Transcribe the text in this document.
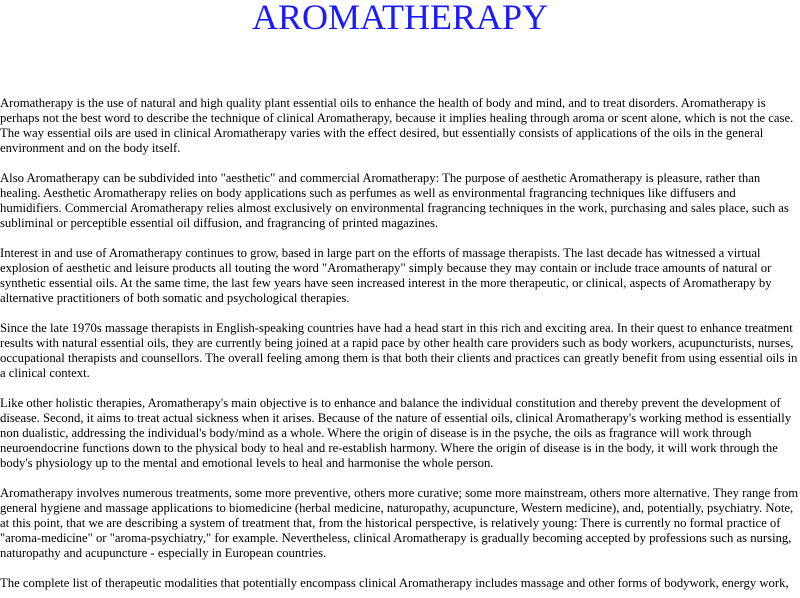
AROMATHERAPY

Aromatherapy is the use of natural and high quality plant essential oils to enhance the health of body and mind, and to treat disorders. Aromatherapy is perhaps not the best word to describe the technique of clinical Aromatherapy, because it implies healing through aroma or scent alone, which is not the case. The way essential oils are used in clinical Aromatherapy varies with the effect desired, but essentially consists of applications of the oils in the general environment and on the body itself.

Also Aromatherapy can be subdivided into "aesthetic" and commercial Aromatherapy: The purpose of aesthetic Aromatherapy is pleasure, rather than healing. Aesthetic Aromatherapy relies on body applications such as perfumes as well as environmental fragrancing techniques like diffusers and humidifiers. Commercial Aromatherapy relies almost exclusively on environmental fragrancing techniques in the work, purchasing and sales place, such as subliminal or perceptible essential oil diffusion, and fragrancing of printed magazines.

Interest in and use of Aromatherapy continues to grow, based in large part on the efforts of massage therapists. The last decade has witnessed a virtual explosion of aesthetic and leisure products all touting the word "Aromatherapy" simply because they may contain or include trace amounts of natural or synthetic essential oils. At the same time, the last few years have seen increased interest in the more therapeutic, or clinical, aspects of Aromatherapy by alternative practitioners of both somatic and psychological therapies.

Since the late 1970s massage therapists in English-speaking countries have had a head start in this rich and exciting area. In their quest to enhance treatment results with natural essential oils, they are currently being joined at a rapid pace by other health care providers such as body workers, acupuncturists, nurses, occupational therapists and counsellors. The overall feeling among them is that both their clients and practices can greatly benefit from using essential oils in a clinical context.

Like other holistic therapies, Aromatherapy's main objective is to enhance and balance the individual constitution and thereby prevent the development of disease. Second, it aims to treat actual sickness when it arises. Because of the nature of essential oils, clinical Aromatherapy's working method is essentially non dualistic, addressing the individual's body/mind as a whole. Where the origin of disease is in the psyche, the oils as fragrance will work through neuroendocrine functions down to the physical body to heal and re-establish harmony. Where the origin of disease is in the body, it will work through the body's physiology up to the mental and emotional levels to heal and harmonise the whole person.

Aromatherapy involves numerous treatments, some more preventive, others more curative; some more mainstream, others more alternative. They range from general hygiene and massage applications to biomedicine (herbal medicine, naturopathy, acupuncture, Western medicine), and, potentially, psychiatry. Note, at this point, that we are describing a system of treatment that, from the historical perspective, is relatively young: There is currently no formal practice of "aroma-medicine" or "aroma-psychiatry," for example. Nevertheless, clinical Aromatherapy is gradually becoming accepted by professions such as nursing, naturopathy and acupuncture - especially in European countries.

The complete list of therapeutic modalities that potentially encompass clinical Aromatherapy includes massage and other forms of bodywork, energy work,
